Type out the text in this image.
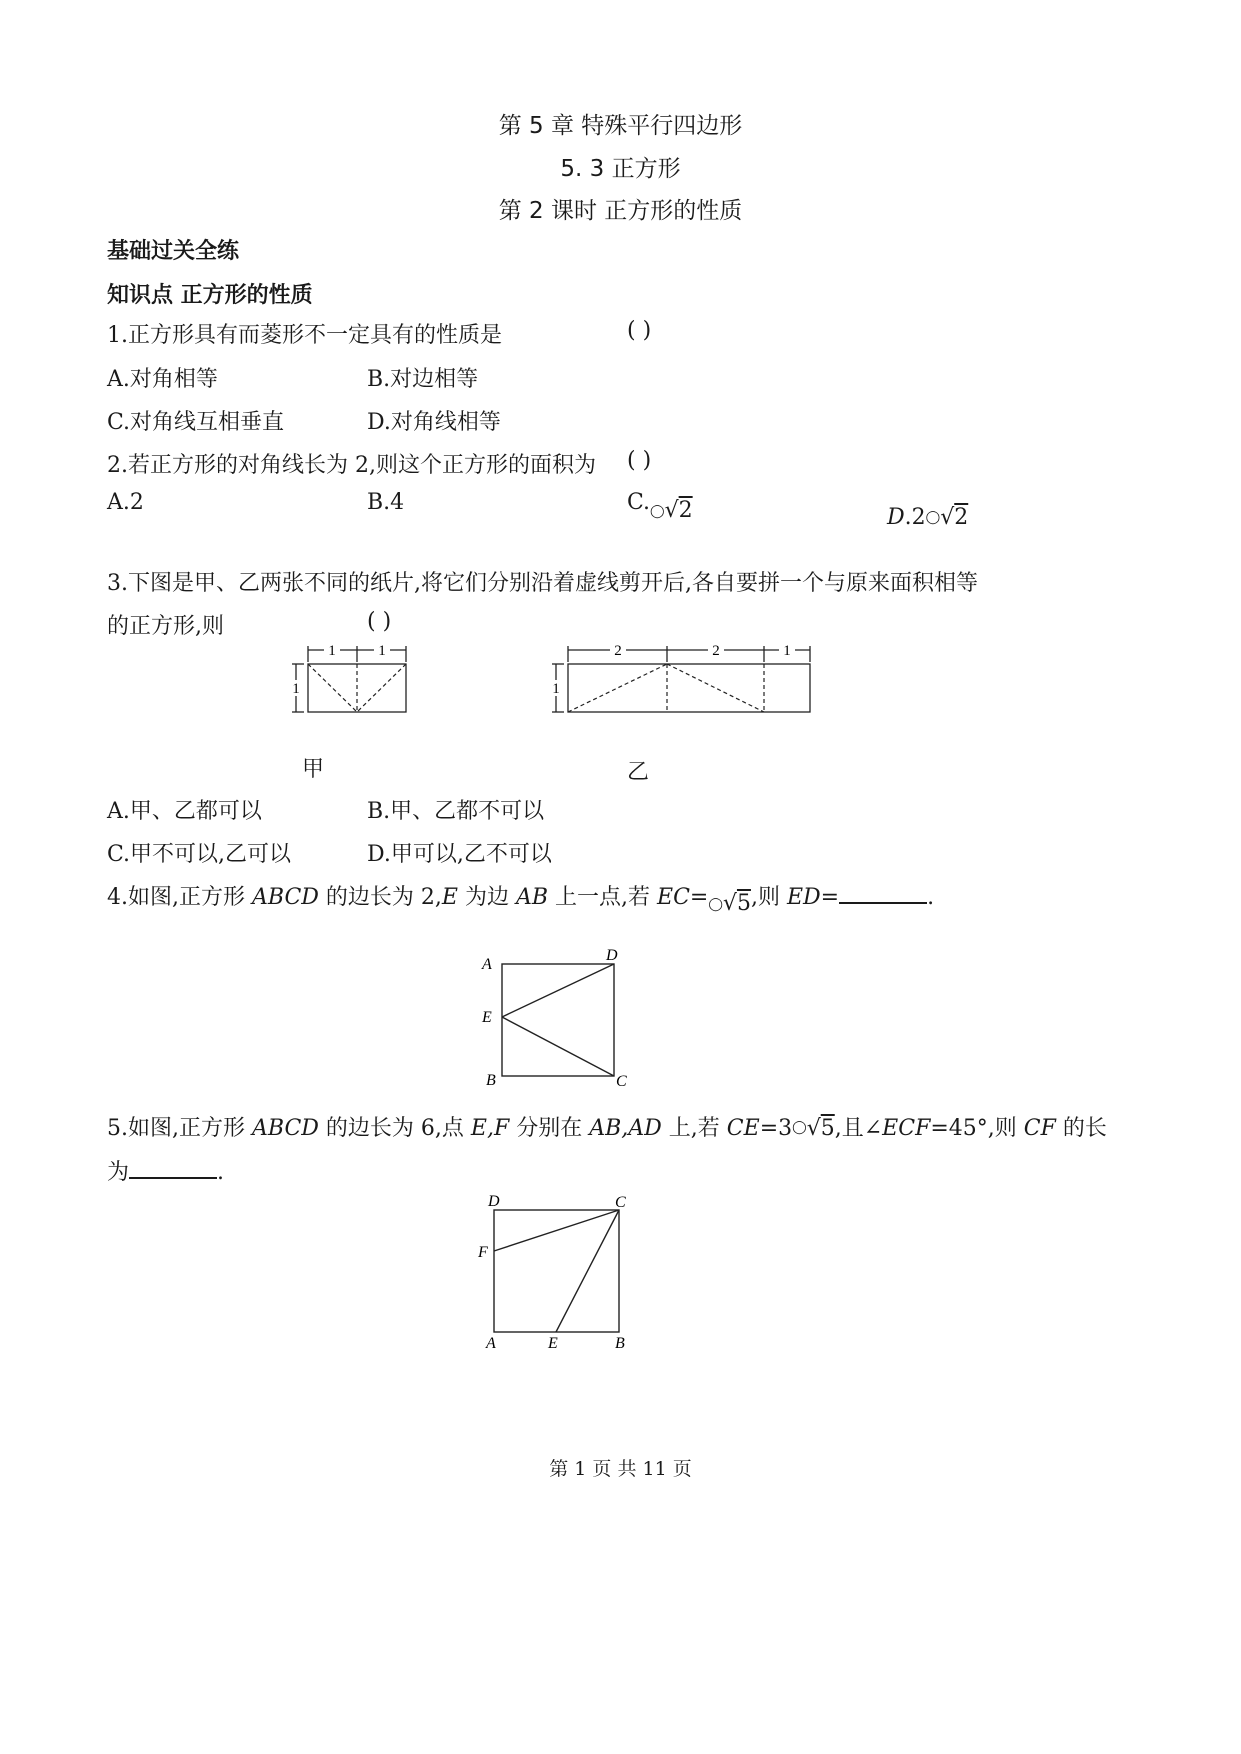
第 5 章 特殊平行四边形
5. 3 正方形
第 2 课时 正方形的性质
基础过关全练
知识点 正方形的性质
1.正方形具有而菱形不一定具有的性质是	( )
A.对角相等	B.对边相等
C.对角线互相垂直	D.对角线相等
2.若正方形的对角线长为 2,则这个正方形的面积为 ( )
A.2	B.4	$C._◯√2$	D.2◯√2
3.下图是甲、乙两张不同的纸片,将它们分别沿着虚线剪开后,各自要拼一个与原来面积相等
的正方形,则	( )
1	1
1
甲
2	2	1
1
乙
A.甲、乙都可以	B.甲、乙都不可以
C.甲不可以,乙可以	D.甲可以,乙不可以
4.如图,正方形 ABCD 的边长为 2,E 为边 AB 上一点,若 EC=◯√5,则 ED=	.
A
D
E
B	C
5.如图,正方形 ABCD 的边长为 6,点 E,F 分别在 AB,AD 上,若 CE=3◯√5,且∠ECF=45°,则 CF 的长
为	.
D	C
F
A	E	B
第 1 页 共 11 页
